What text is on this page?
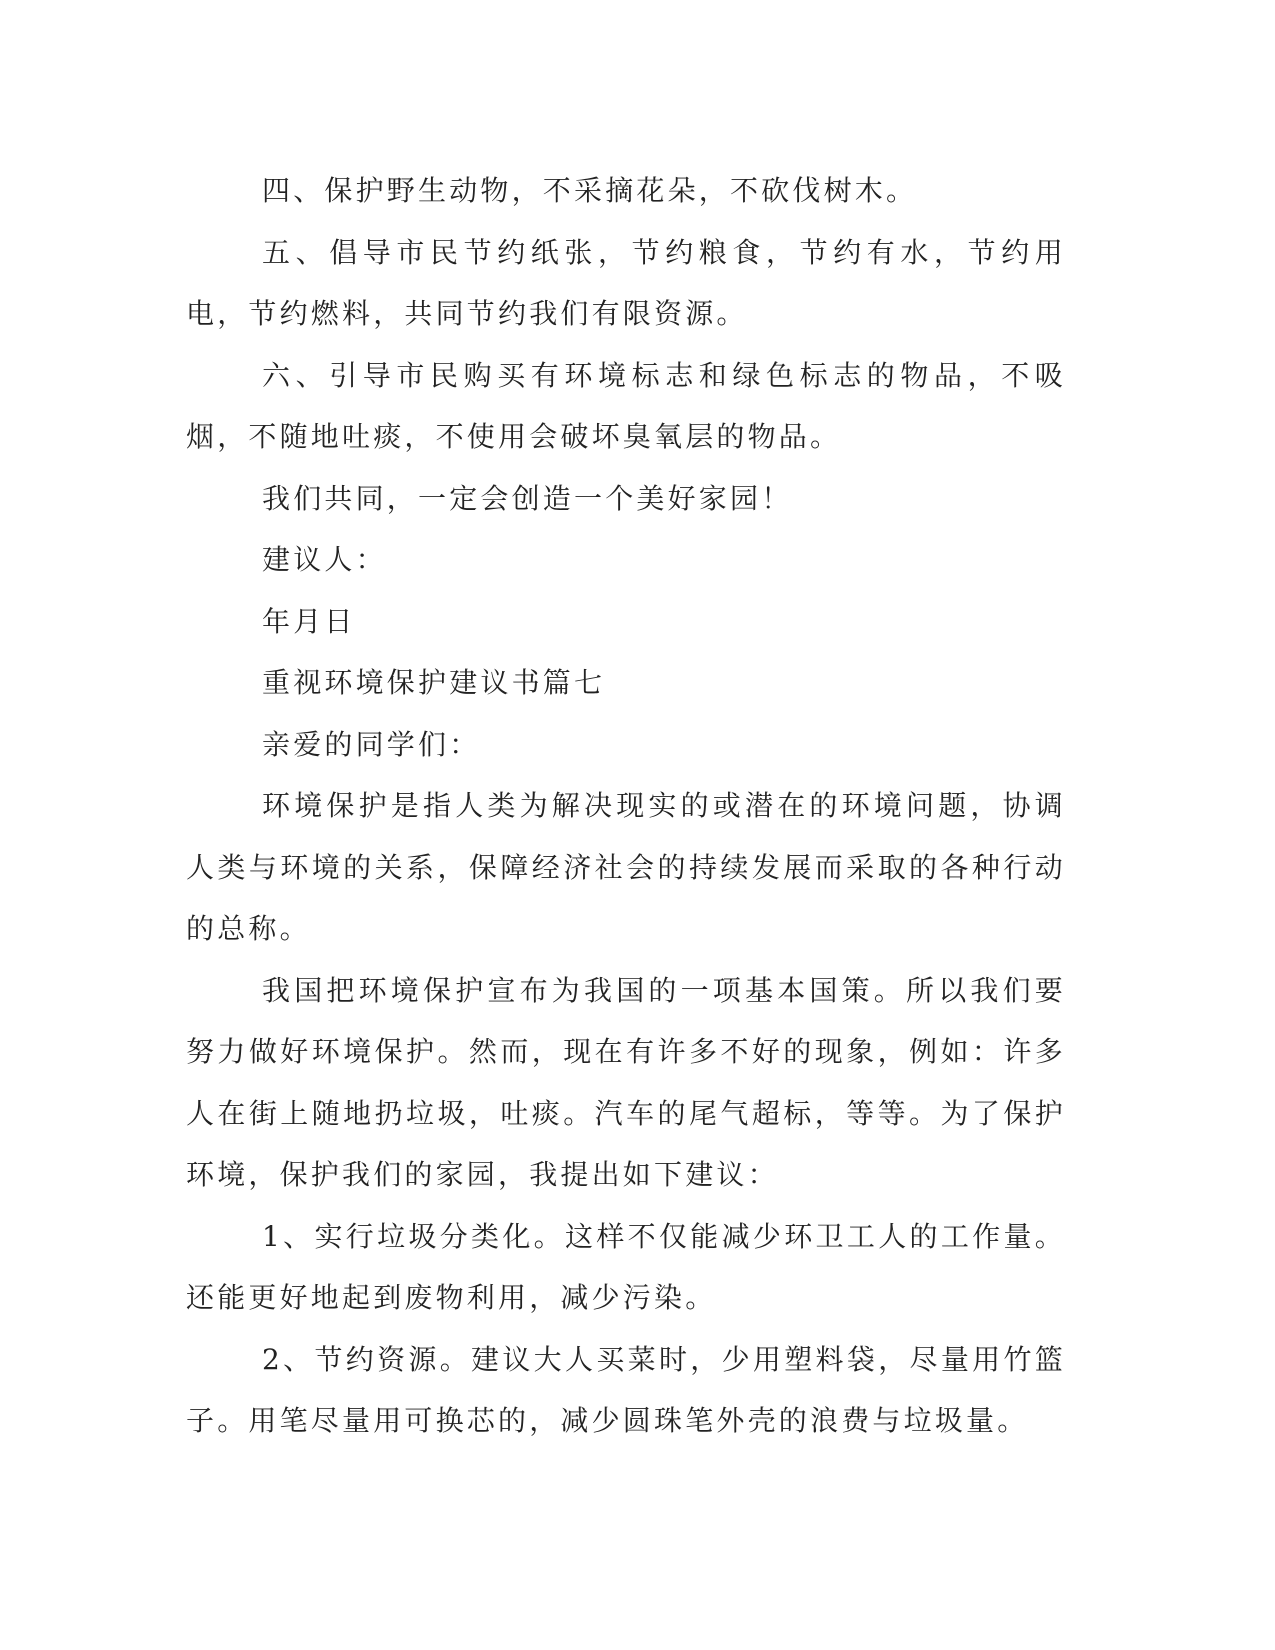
四、保护野生动物，不采摘花朵，不砍伐树木。

五、倡导市民节约纸张，节约粮食，节约有水，节约用电，节约燃料，共同节约我们有限资源。

六、引导市民购买有环境标志和绿色标志的物品，不吸烟，不随地吐痰，不使用会破坏臭氧层的物品。

我们共同，一定会创造一个美好家园！

建议人：

年月日

重视环境保护建议书篇七

亲爱的同学们：

环境保护是指人类为解决现实的或潜在的环境问题，协调人类与环境的关系，保障经济社会的持续发展而采取的各种行动的总称。

我国把环境保护宣布为我国的一项基本国策。所以我们要努力做好环境保护。然而，现在有许多不好的现象，例如：许多人在街上随地扔垃圾，吐痰。汽车的尾气超标，等等。为了保护环境，保护我们的家园，我提出如下建议：

1、实行垃圾分类化。这样不仅能减少环卫工人的工作量。还能更好地起到废物利用，减少污染。

2、节约资源。建议大人买菜时，少用塑料袋，尽量用竹篮子。用笔尽量用可换芯的，减少圆珠笔外壳的浪费与垃圾量。
